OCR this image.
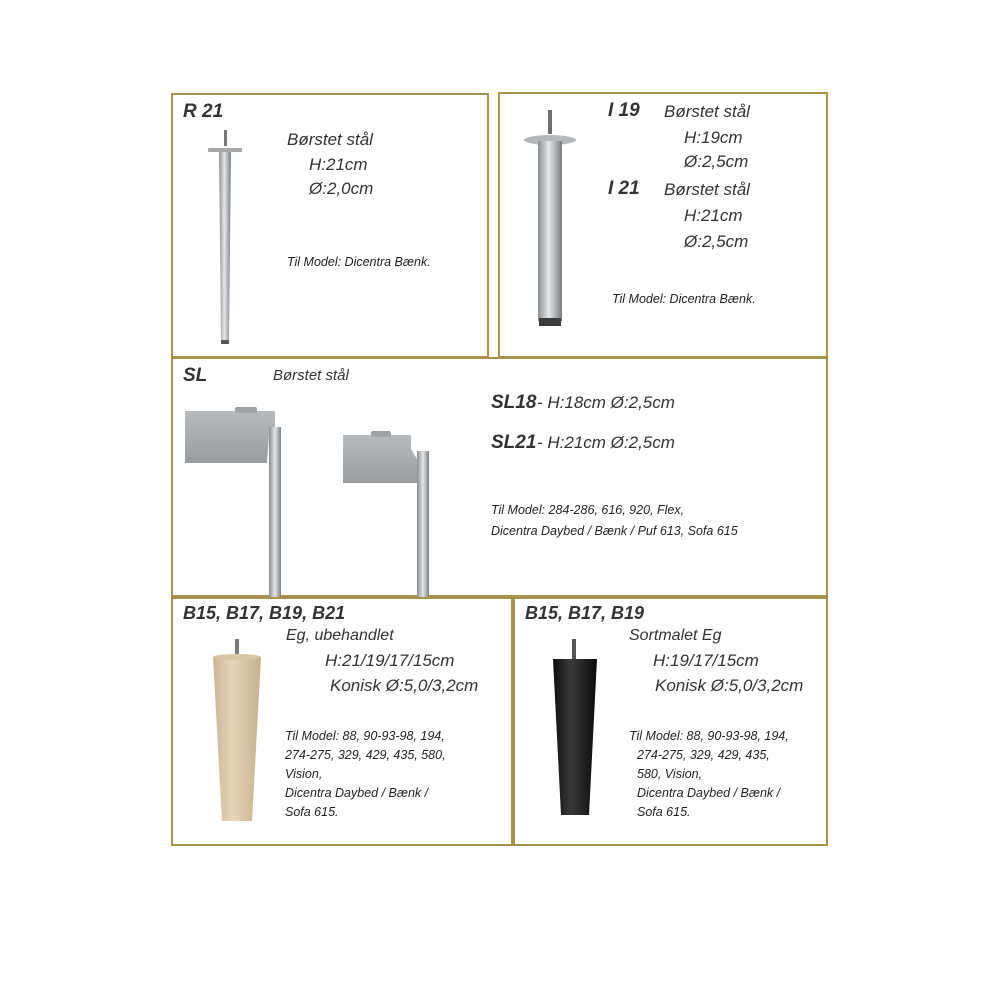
R 21
Børstet stål
H:21cm
Ø:2,0cm
Til Model: Dicentra Bænk.
I 19 Børstet stål
H:19cm
Ø:2,5cm
I 21 Børstet stål
H:21cm
Ø:2,5cm
Til Model: Dicentra Bænk.
SL	Børstet stål
SL18 - H:18cm Ø:2,5cm
SL21 - H:21cm Ø:2,5cm
Til Model: 284-286, 616, 920, Flex,
Dicentra Daybed / Bænk / Puf 613, Sofa 615
B15, B17, B19, B21
Eg, ubehandlet
H:21/19/17/15cm
Konisk Ø:5,0/3,2cm
Til Model: 88, 90-93-98, 194,
274-275, 329, 429, 435, 580,
Vision,
Dicentra Daybed / Bænk /
Sofa 615.
B15, B17, B19
Sortmalet Eg
H:19/17/15cm
Konisk Ø:5,0/3,2cm
Til Model: 88, 90-93-98, 194,
274-275, 329, 429, 435,
580, Vision,
Dicentra Daybed / Bænk /
Sofa 615.
